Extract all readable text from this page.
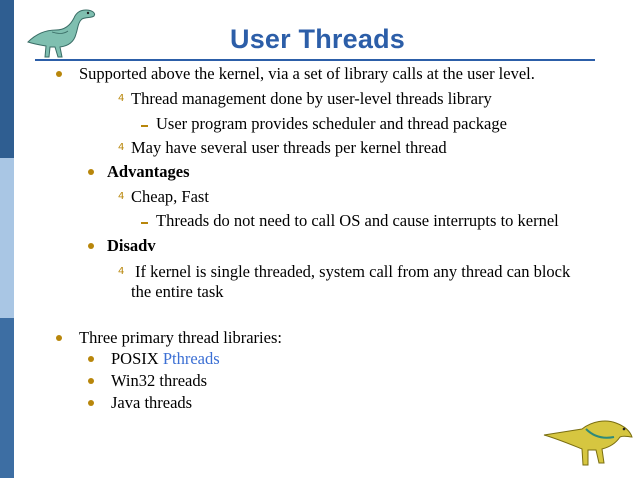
User Threads
Supported above the kernel, via a set of library calls at the user level.
4 Thread management done by user-level threads library
User program provides scheduler and thread package
4 May have several user threads per kernel thread
Advantages
4 Cheap, Fast
Threads do not need to call OS and cause interrupts to kernel
Disadv
4 If kernel is single threaded, system call from any thread can block
the entire task
Three primary thread libraries:
POSIX Pthreads
Win32 threads
Java threads
